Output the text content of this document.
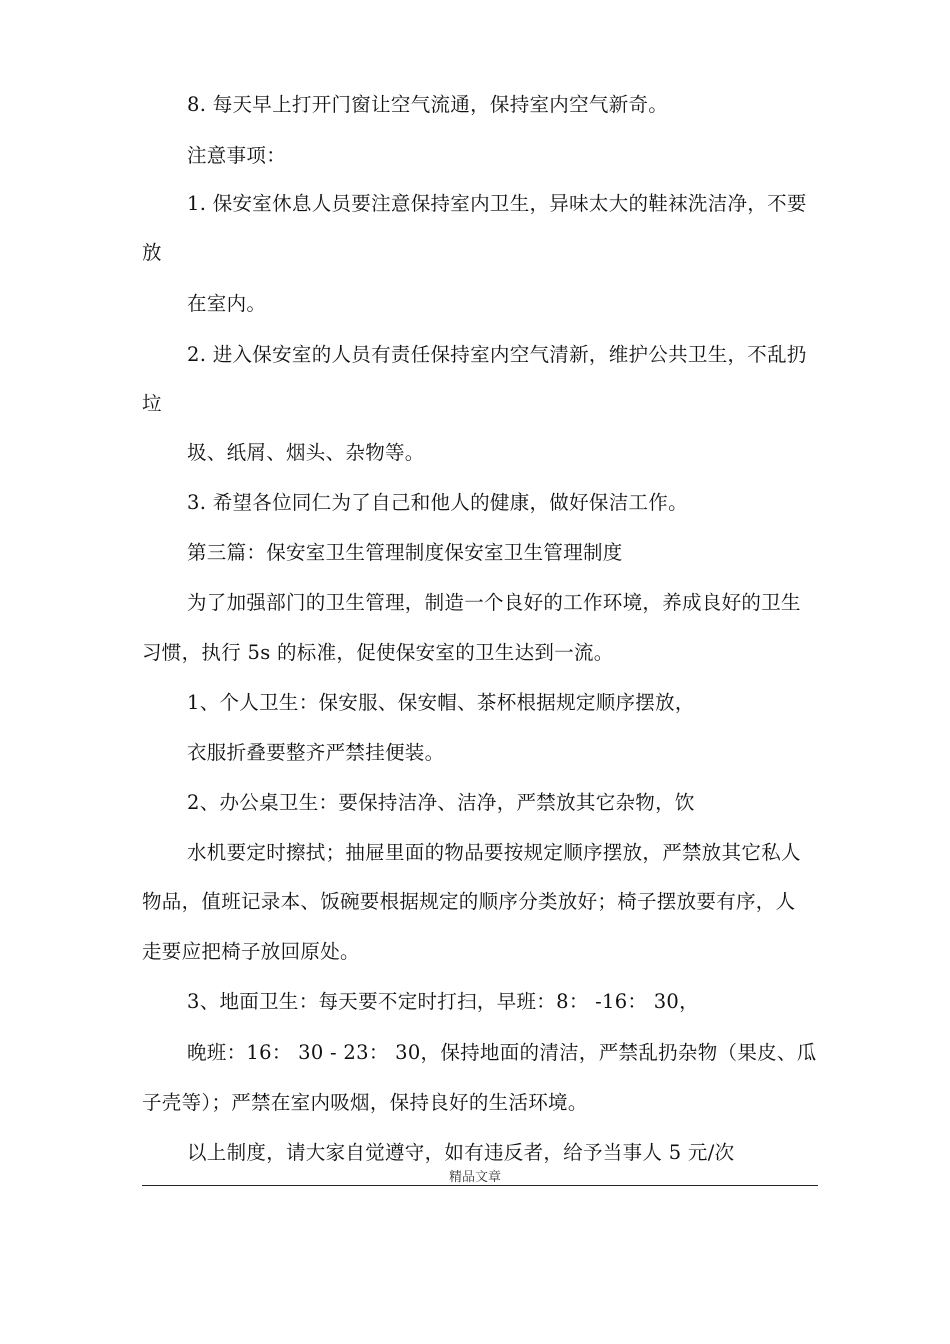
8. 每天早上打开门窗让空气流通，保持室内空气新奇。
注意事项：
1. 保安室休息人员要注意保持室内卫生，异味太大的鞋袜洗洁净，不要
放
在室内。
2. 进入保安室的人员有责任保持室内空气清新，维护公共卫生，不乱扔
垃
圾、纸屑、烟头、杂物等。
3. 希望各位同仁为了自己和他人的健康，做好保洁工作。
第三篇：保安室卫生管理制度保安室卫生管理制度
为了加强部门的卫生管理，制造一个良好的工作环境，养成良好的卫生
习惯，执行 5s 的标准，促使保安室的卫生达到一流。
1、个人卫生：保安服、保安帽、茶杯根据规定顺序摆放，
衣服折叠要整齐严禁挂便装。
2、办公桌卫生：要保持洁净、洁净，严禁放其它杂物，饮
水机要定时擦拭；抽屉里面的物品要按规定顺序摆放，严禁放其它私人
物品，值班记录本、饭碗要根据规定的顺序分类放好；椅子摆放要有序，人
走要应把椅子放回原处。
3、地面卫生：每天要不定时打扫，早班：8： -16： 30，
晚班：16： 30 - 23： 30，保持地面的清洁，严禁乱扔杂物（果皮、瓜
子壳等）；严禁在室内吸烟，保持良好的生活环境。
以上制度，请大家自觉遵守，如有违反者，给予当事人 5 元/次
精品文章
